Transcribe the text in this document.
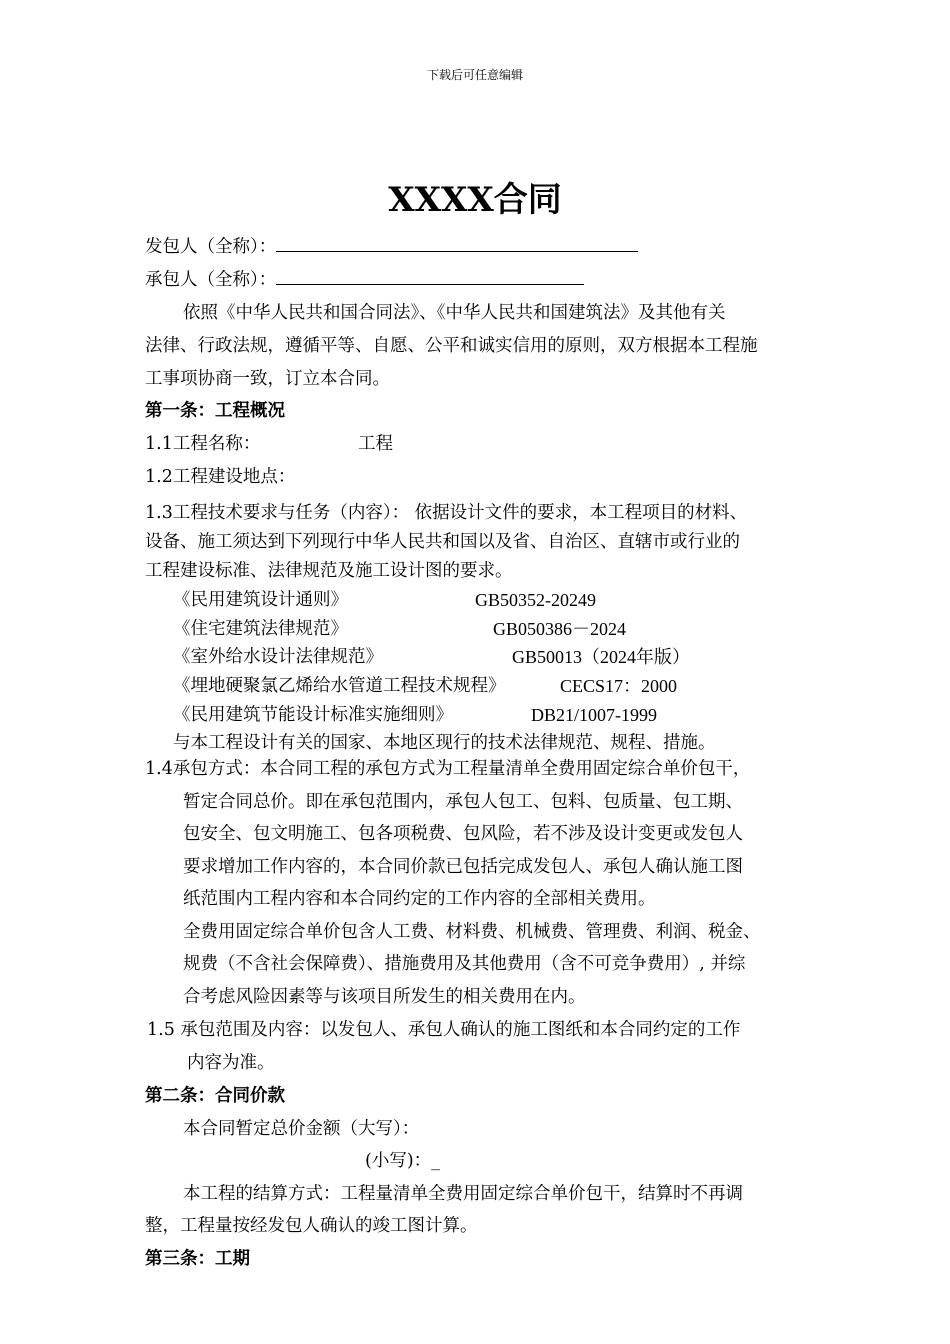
下载后可任意编辑
XXXX合同
发包人（全称）：
承包人（全称）：
依照《中华人民共和国合同法》、《中华人民共和国建筑法》及其他有关
法律、行政法规，遵循平等、自愿、公平和诚实信用的原则，双方根据本工程施
工事项协商一致，订立本合同。
第一条：工程概况
1.1工程名称：	工程
1.2工程建设地点：
1.3工程技术要求与任务（内容）： 依据设计文件的要求，本工程项目的材料、
设备、施工须达到下列现行中华人民共和国以及省、自治区、直辖市或行业的
工程建设标准、法律规范及施工设计图的要求。
《民用建筑设计通则》	GB50352-20249
《住宅建筑法律规范》	GB050386－2024
《室外给水设计法律规范》	GB50013（2024年版）
《埋地硬聚氯乙烯给水管道工程技术规程》	CECS17：2000
《民用建筑节能设计标准实施细则》	DB21/1007-1999
与本工程设计有关的国家、本地区现行的技术法律规范、规程、措施。
1.4承包方式：本合同工程的承包方式为工程量清单全费用固定综合单价包干，
暂定合同总价。即在承包范围内，承包人包工、包料、包质量、包工期、
包安全、包文明施工、包各项税费、包风险，若不涉及设计变更或发包人
要求增加工作内容的，本合同价款已包括完成发包人、承包人确认施工图
纸范围内工程内容和本合同约定的工作内容的全部相关费用。
全费用固定综合单价包含人工费、材料费、机械费、管理费、利润、税金、
规费（不含社会保障费）、措施费用及其他费用（含不可竞争费用）, 并综
合考虑风险因素等与该项目所发生的相关费用在内。
1.5 承包范围及内容：以发包人、承包人确认的施工图纸和本合同约定的工作
内容为准。
第二条：合同价款
本合同暂定总价金额（大写）：
(小写)：_
本工程的结算方式：工程量清单全费用固定综合单价包干，结算时不再调
整，工程量按经发包人确认的竣工图计算。
第三条：工期
